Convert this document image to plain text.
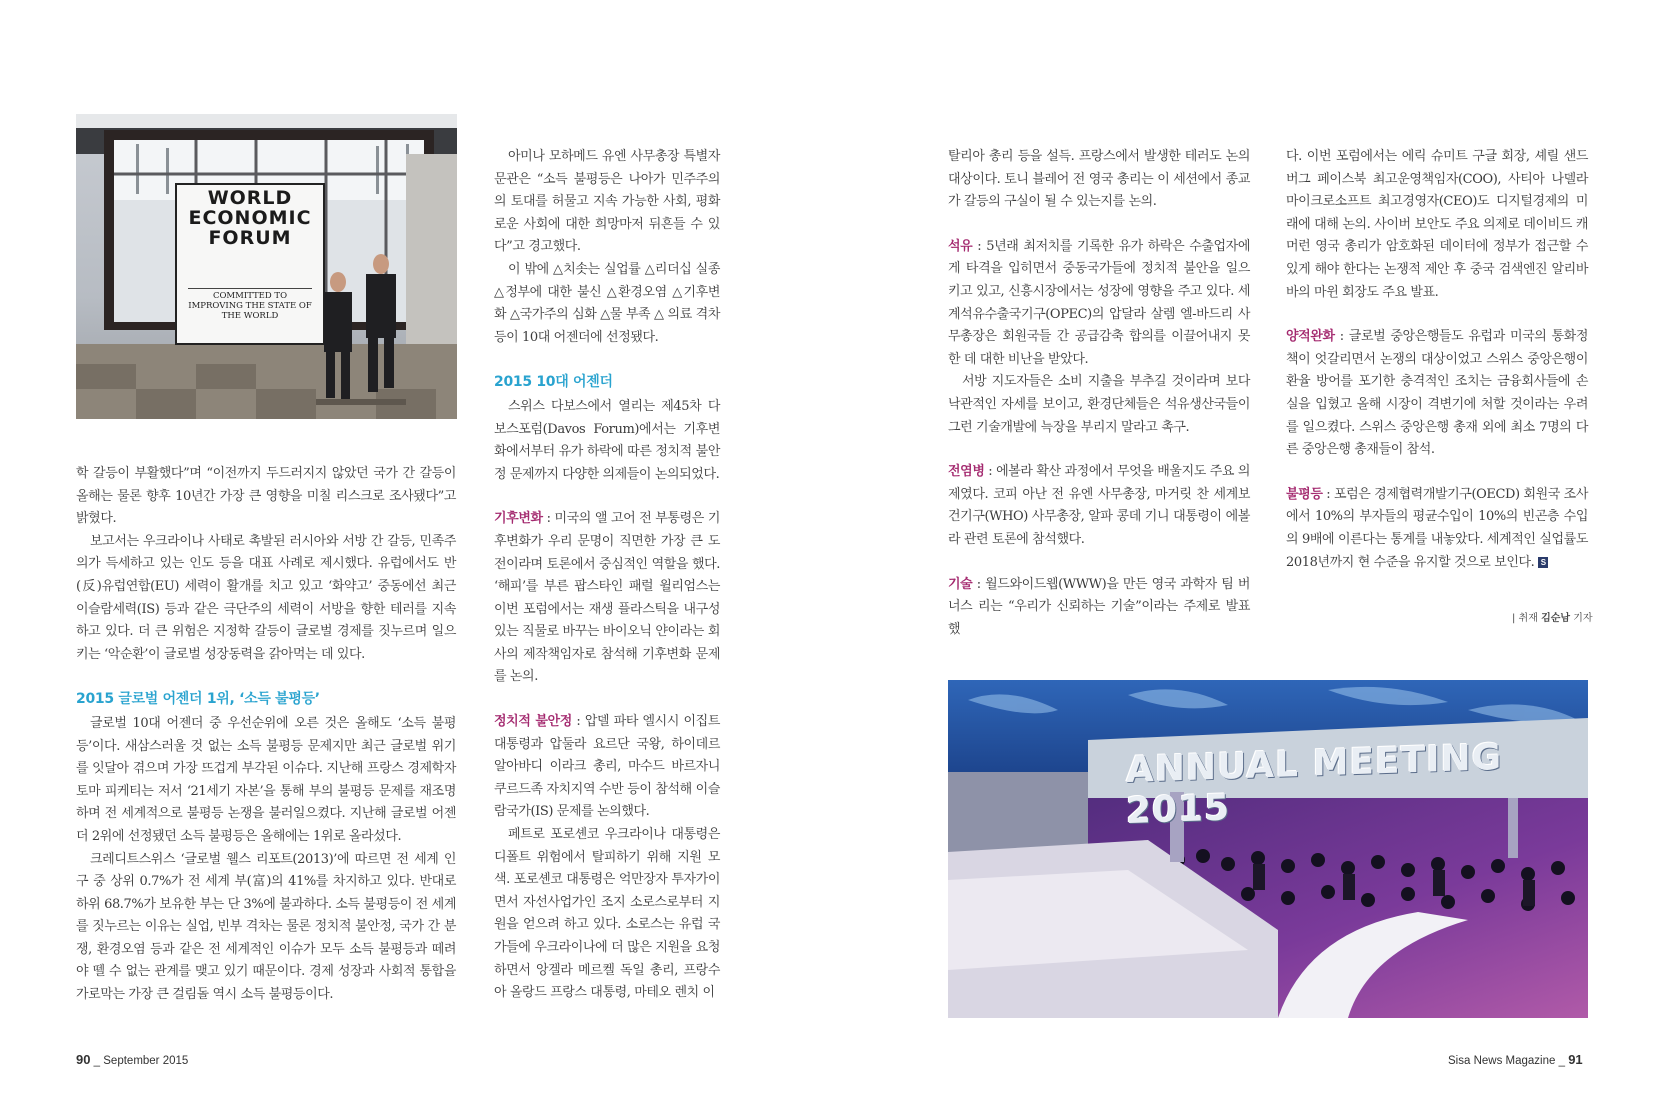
WORLD
ECONOMIC
FORUM
COMMITTED TO IMPROVING THE STATE OF THE WORLD

학 갈등이 부활했다”며 “이전까지 두드러지지 않았던 국가 간 갈등이 올해는 물론 향후 10년간 가장 큰 영향을 미칠 리스크로 조사됐다”고 밝혔다.

보고서는 우크라이나 사태로 촉발된 러시아와 서방 간 갈등, 민족주의가 득세하고 있는 인도 등을 대표 사례로 제시했다. 유럽에서도 반(反)유럽연합(EU) 세력이 활개를 치고 있고 ‘화약고’ 중동에선 최근 이슬람세력(IS) 등과 같은 극단주의 세력이 서방을 향한 테러를 지속하고 있다. 더 큰 위험은 지정학 갈등이 글로벌 경제를 짓누르며 일으키는 ‘악순환’이 글로벌 성장동력을 갉아먹는 데 있다.

2015 글로벌 어젠더 1위, ‘소득 불평등’

글로벌 10대 어젠더 중 우선순위에 오른 것은 올해도 ‘소득 불평등’이다. 새삼스러울 것 없는 소득 불평등 문제지만 최근 글로벌 위기를 잇달아 겪으며 가장 뜨겁게 부각된 이슈다. 지난해 프랑스 경제학자 토마 피케티는 저서 ‘21세기 자본’을 통해 부의 불평등 문제를 재조명하며 전 세계적으로 불평등 논쟁을 불러일으켰다. 지난해 글로벌 어젠더 2위에 선정됐던 소득 불평등은 올해에는 1위로 올라섰다.

크레디트스위스 ‘글로벌 웰스 리포트(2013)’에 따르면 전 세계 인구 중 상위 0.7%가 전 세계 부(富)의 41%를 차지하고 있다. 반대로 하위 68.7%가 보유한 부는 단 3%에 불과하다. 소득 불평등이 전 세계를 짓누르는 이유는 실업, 빈부 격차는 물론 정치적 불안정, 국가 간 분쟁, 환경오염 등과 같은 전 세계적인 이슈가 모두 소득 불평등과 떼려야 뗄 수 없는 관계를 맺고 있기 때문이다. 경제 성장과 사회적 통합을 가로막는 가장 큰 걸림돌 역시 소득 불평등이다.

아미나 모하메드 유엔 사무총장 특별자문관은 “소득 불평등은 나아가 민주주의의 토대를 허물고 지속 가능한 사회, 평화로운 사회에 대한 희망마저 뒤흔들 수 있다”고 경고했다.

이 밖에 △치솟는 실업률 △리더십 실종 △정부에 대한 불신 △환경오염 △기후변화 △국가주의 심화 △물 부족 △ 의료 격차 등이 10대 어젠더에 선정됐다.

2015 10대 어젠더

스위스 다보스에서 열리는 제45차 다보스포럼(Davos Forum)에서는 기후변화에서부터 유가 하락에 따른 정치적 불안정 문제까지 다양한 의제들이 논의되었다.

기후변화 : 미국의 앨 고어 전 부통령은 기후변화가 우리 문명이 직면한 가장 큰 도전이라며 토론에서 중심적인 역할을 했다. ‘해피’를 부른 팝스타인 패럴 윌리엄스는 이번 포럼에서는 재생 플라스틱을 내구성 있는 직물로 바꾸는 바이오닉 얀이라는 회사의 제작책임자로 참석해 기후변화 문제를 논의.

정치적 불안정 : 압델 파타 엘시시 이집트 대통령과 압둘라 요르단 국왕, 하이데르 알아바디 이라크 총리, 마수드 바르자니 쿠르드족 자치지역 수반 등이 참석해 이슬람국가(IS) 문제를 논의했다.

페트로 포로셴코 우크라이나 대통령은 디폴트 위험에서 탈피하기 위해 지원 모색. 포로셴코 대통령은 억만장자 투자가이면서 자선사업가인 조지 소로스로부터 지원을 얻으려 하고 있다. 소로스는 유럽 국가들에 우크라이나에 더 많은 지원을 요청하면서 앙겔라 메르켈 독일 총리, 프랑수아 올랑드 프랑스 대통령, 마테오 렌치 이

탈리아 총리 등을 설득. 프랑스에서 발생한 테러도 논의 대상이다. 토니 블레어 전 영국 총리는 이 세션에서 종교가 갈등의 구실이 될 수 있는지를 논의.

석유 : 5년래 최저치를 기록한 유가 하락은 수출업자에게 타격을 입히면서 중동국가들에 정치적 불안을 일으키고 있고, 신흥시장에서는 성장에 영향을 주고 있다. 세계석유수출국기구(OPEC)의 압달라 살렘 엘-바드리 사무총장은 회원국들 간 공급감축 합의를 이끌어내지 못한 데 대한 비난을 받았다.

서방 지도자들은 소비 지출을 부추길 것이라며 보다 낙관적인 자세를 보이고, 환경단체들은 석유생산국들이 그런 기술개발에 늑장을 부리지 말라고 촉구.

전염병 : 에볼라 확산 과정에서 무엇을 배울지도 주요 의제였다. 코피 아난 전 유엔 사무총장, 마거릿 찬 세계보건기구(WHO) 사무총장, 알파 콩데 기니 대통령이 에볼라 관련 토론에 참석했다.

기술 : 월드와이드웹(WWW)을 만든 영국 과학자 팀 버너스 리는 “우리가 신뢰하는 기술”이라는 주제로 발표했

다. 이번 포럼에서는 에릭 슈미트 구글 회장, 셰릴 샌드버그 페이스북 최고운영책임자(COO), 사티아 나델라 마이크로소프트 최고경영자(CEO)도 디지털경제의 미래에 대해 논의. 사이버 보안도 주요 의제로 데이비드 캐머런 영국 총리가 암호화된 데이터에 정부가 접근할 수 있게 해야 한다는 논쟁적 제안 후 중국 검색엔진 알리바바의 마윈 회장도 주요 발표.

양적완화 : 글로벌 중앙은행들도 유럽과 미국의 통화정책이 엇갈리면서 논쟁의 대상이었고 스위스 중앙은행이 환율 방어를 포기한 충격적인 조치는 금융회사들에 손실을 입혔고 올해 시장이 격변기에 처할 것이라는 우려를 일으켰다. 스위스 중앙은행 총재 외에 최소 7명의 다른 중앙은행 총재들이 참석.

불평등 : 포럼은 경제협력개발기구(OECD) 회원국 조사에서 10%의 부자들의 평균수입이 10%의 빈곤층 수입의 9배에 이른다는 통계를 내놓았다. 세계적인 실업률도 2018년까지 현 수준을 유지할 것으로 보인다. S

| 취재 김순남 기자
ANNUAL MEETING 2015
90 _ September 2015	Sisa News Magazine _ 91
